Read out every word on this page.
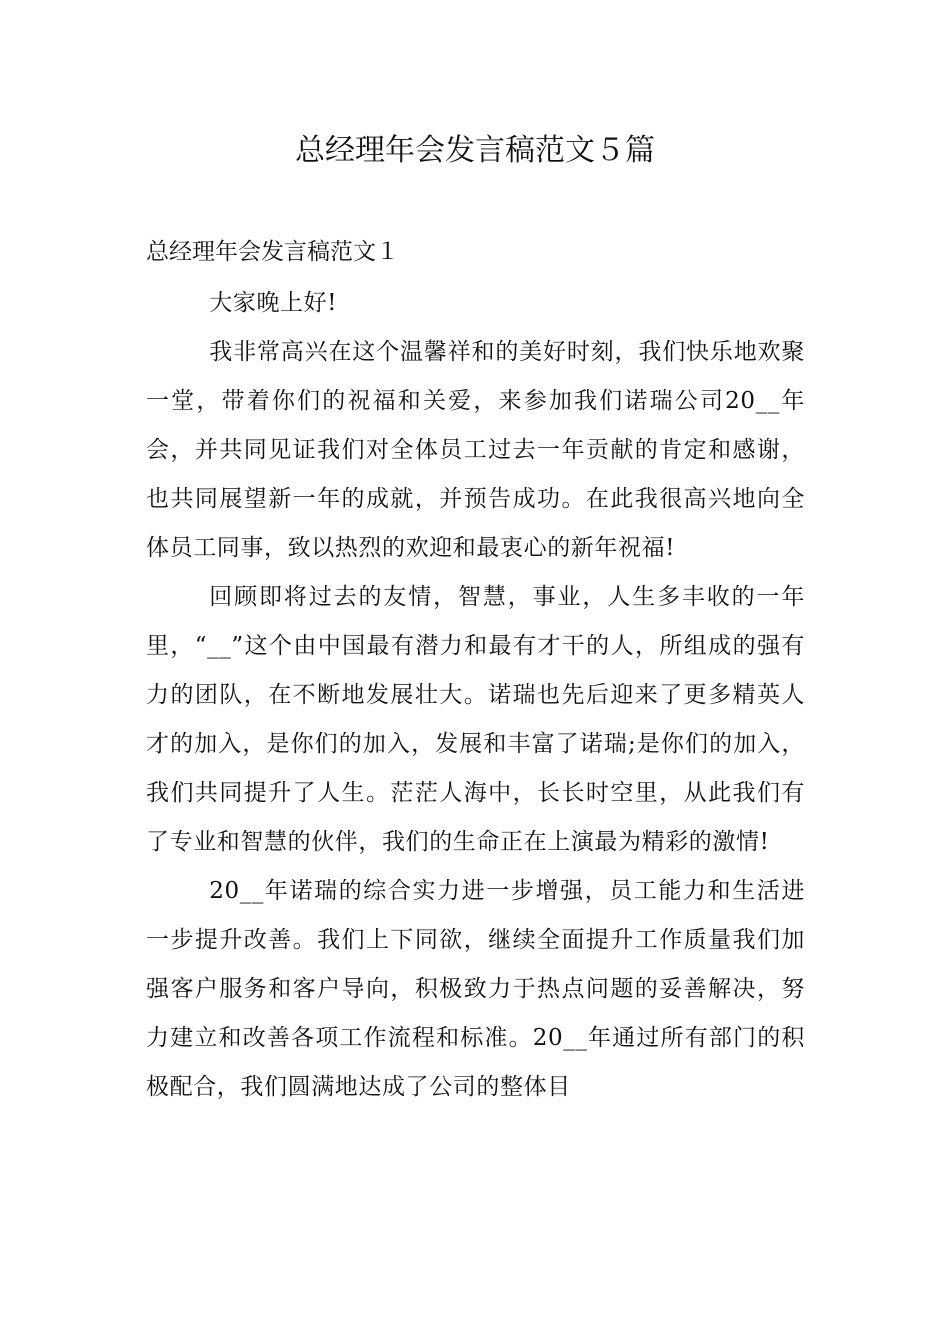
总经理年会发言稿范文５篇
总经理年会发言稿范文１

大家晚上好!

我非常高兴在这个温馨祥和的美好时刻，我们快乐地欢聚一堂，带着你们的祝福和关爱，来参加我们诺瑞公司20__年会，并共同见证我们对全体员工过去一年贡献的肯定和感谢，也共同展望新一年的成就，并预告成功。在此我很高兴地向全体员工同事，致以热烈的欢迎和最衷心的新年祝福!

回顾即将过去的友情，智慧，事业，人生多丰收的一年里，“__”这个由中国最有潜力和最有才干的人，所组成的强有力的团队，在不断地发展壮大。诺瑞也先后迎来了更多精英人才的加入，是你们的加入，发展和丰富了诺瑞;是你们的加入，我们共同提升了人生。茫茫人海中，长长时空里，从此我们有了专业和智慧的伙伴，我们的生命正在上演最为精彩的激情!

20__年诺瑞的综合实力进一步增强，员工能力和生活进一步提升改善。我们上下同欲，继续全面提升工作质量我们加强客户服务和客户导向，积极致力于热点问题的妥善解决，努力建立和改善各项工作流程和标准。20__年通过所有部门的积极配合，我们圆满地达成了公司的整体目
